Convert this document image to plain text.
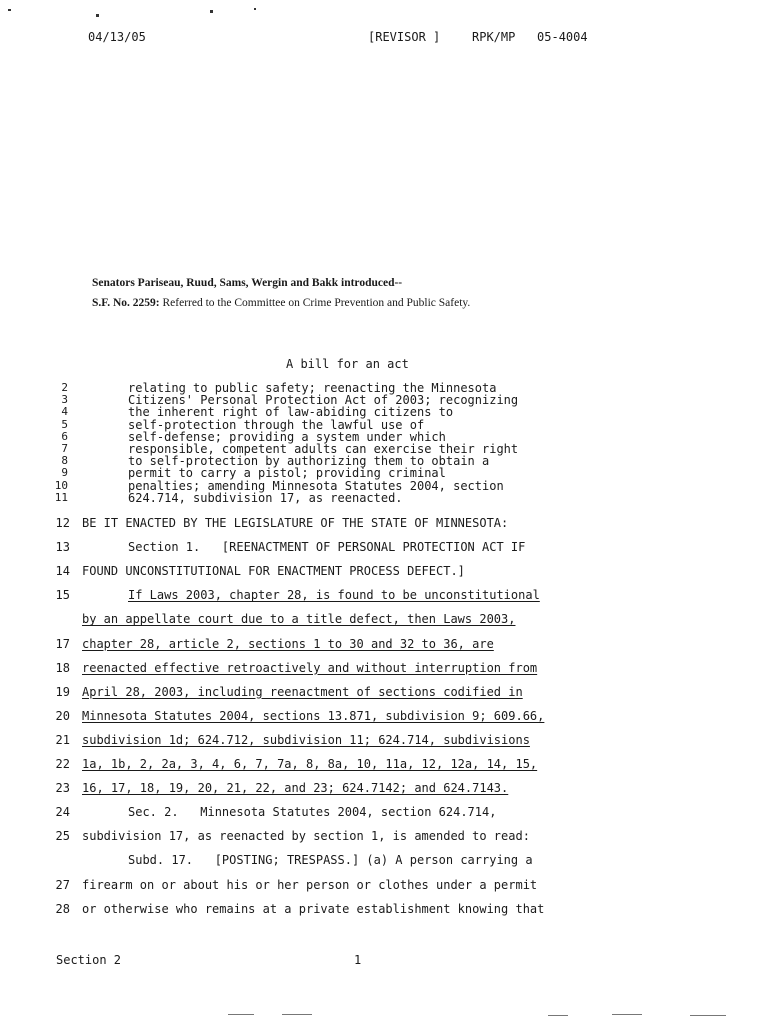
04/13/05	[REVISOR ]	RPK/MP   05-4004
Senators Pariseau, Ruud, Sams, Wergin and Bakk introduced--
S.F. No. 2259: Referred to the Committee on Crime Prevention and Public Safety.
A bill for an act
2	relating to public safety; reenacting the Minnesota
3	Citizens' Personal Protection Act of 2003; recognizing
4	the inherent right of law-abiding citizens to
5	self-protection through the lawful use of
6	self-defense; providing a system under which
7	responsible, competent adults can exercise their right
8	to self-protection by authorizing them to obtain a
9	permit to carry a pistol; providing criminal
10	penalties; amending Minnesota Statutes 2004, section
11	624.714, subdivision 17, as reenacted.
12 BE IT ENACTED BY THE LEGISLATURE OF THE STATE OF MINNESOTA:
13	Section 1.   [REENACTMENT OF PERSONAL PROTECTION ACT IF
14 FOUND UNCONSTITUTIONAL FOR ENACTMENT PROCESS DEFECT.]
15	If Laws 2003, chapter 28, is found to be unconstitutional
by an appellate court due to a title defect, then Laws 2003,
17 chapter 28, article 2, sections 1 to 30 and 32 to 36, are
18 reenacted effective retroactively and without interruption from
19 April 28, 2003, including reenactment of sections codified in
20 Minnesota Statutes 2004, sections 13.871, subdivision 9; 609.66,
21 subdivision 1d; 624.712, subdivision 11; 624.714, subdivisions
22 1a, 1b, 2, 2a, 3, 4, 6, 7, 7a, 8, 8a, 10, 11a, 12, 12a, 14, 15,
23 16, 17, 18, 19, 20, 21, 22, and 23; 624.7142; and 624.7143.
24	Sec. 2.   Minnesota Statutes 2004, section 624.714,
25 subdivision 17, as reenacted by section 1, is amended to read:
Subd. 17.   [POSTING; TRESPASS.] (a) A person carrying a
27 firearm on or about his or her person or clothes under a permit
28 or otherwise who remains at a private establishment knowing that
Section 2	1
